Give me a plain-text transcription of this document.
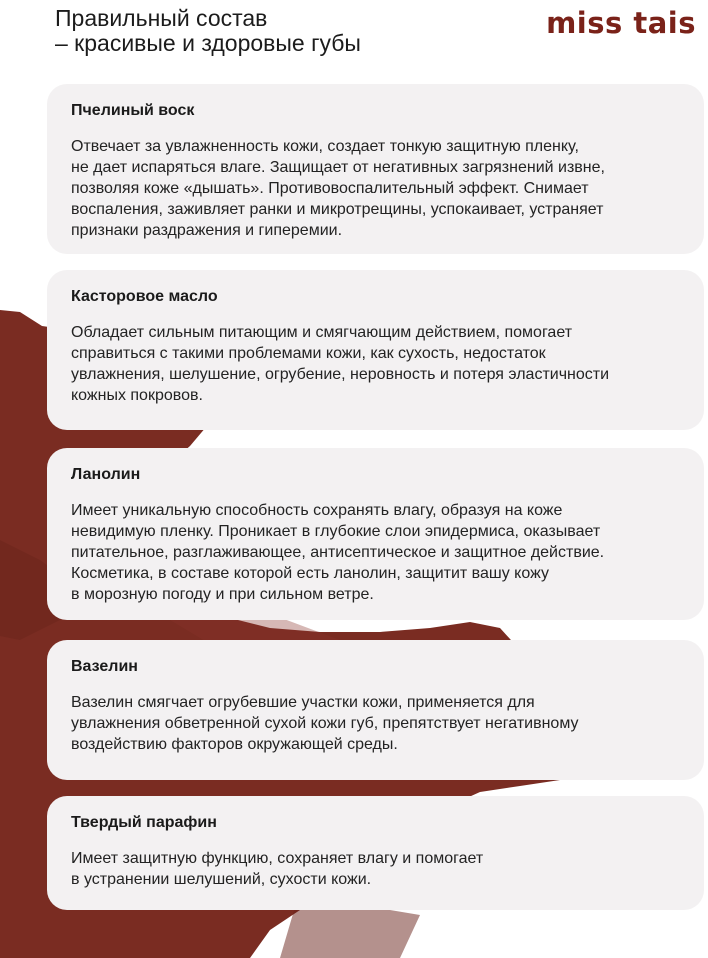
Правильный состав
– красивые и здоровые губы
miss tais
Пчелиный воск
Отвечает за увлажненность кожи, создает тонкую защитную пленку,
не дает испаряться влаге. Защищает от негативных загрязнений извне,
позволяя коже «дышать». Противовоспалительный эффект. Снимает
воспаления, заживляет ранки и микротрещины, успокаивает, устраняет
признаки раздражения и гиперемии.
Касторовое масло
Обладает сильным питающим и смягчающим действием, помогает
справиться с такими проблемами кожи, как сухость, недостаток
увлажнения, шелушение, огрубение, неровность и потеря эластичности
кожных покровов.
Ланолин
Имеет уникальную способность сохранять влагу, образуя на коже
невидимую пленку. Проникает в глубокие слои эпидермиса, оказывает
питательное, разглаживающее, антисептическое и защитное действие.
Косметика, в составе которой есть ланолин, защитит вашу кожу
в морозную погоду и при сильном ветре.
Вазелин
Вазелин смягчает огрубевшие участки кожи, применяется для
увлажнения обветренной сухой кожи губ, препятствует негативному
воздействию факторов окружающей среды.
Твердый парафин
Имеет защитную функцию, сохраняет влагу и помогает
в устранении шелушений, сухости кожи.
